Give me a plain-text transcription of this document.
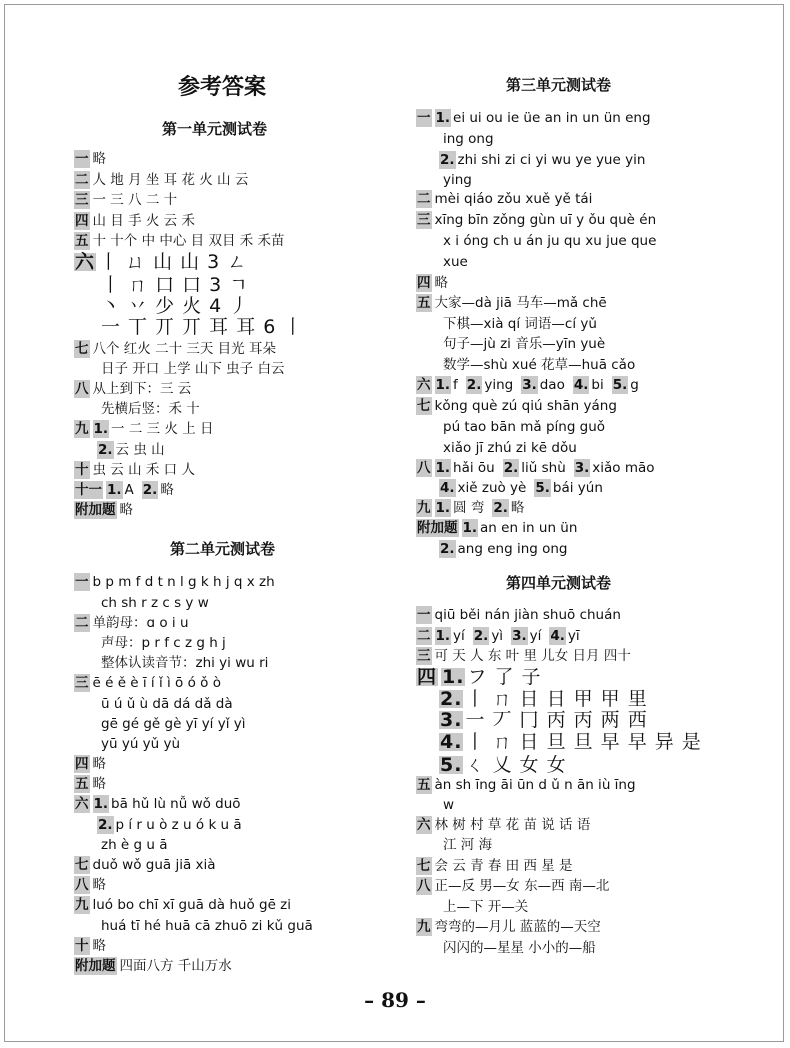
参考答案
第一单元测试卷
第二单元测试卷
第三单元测试卷
第四单元测试卷
一 略
二 人 地 月 坐 耳 花 火 山 云
三 一 三 八 二 十
四 山 目 手 火 云 禾
五 十 十个 中 中心 目 双目 禾 禾苗
六 丨 ㄩ 山 山 3 ㄥ
丨 ㄇ 口 口 3 ㄱ
丶 丷 少 火 4 丿
一 丅 丌 丌 耳 耳 6 丨
七 八个 红火 二十 三天 目光 耳朵
日子 开口 上学 山下 虫子 白云
八 从上到下：三 云
先横后竖：禾 十
九 1. 一 二 三 火 上 日
2. 云 虫 山
十 虫 云 山 禾 口 人
十一 1. A 2. 略
附加题 略
一 b p m f d t n l g k h j q x zh
ch sh r z c s y w
二 单韵母：ɑ o i u
声母：p r f c z g h j
整体认读音节：zhi yi wu ri
三 ē é ě è ī í ǐ ì ō ó ǒ ò
ū ú ǔ ù dā dá dǎ dà
gē gé gě gè yī yí yǐ yì
yū yú yǔ yù
四 略
五 略
六 1. bā hǔ lù nǚ wǒ duō
2. p í r u ò z u ó k u ā
zh è g u ā
七 duǒ wǒ guā jiā xià
八 略
九 luó bo chī xī guā dà huǒ gē zi
huá tī hé huā cā zhuō zi kǔ guā
十 略
附加题 四面八方 千山万水
一 1. ei ui ou ie üe an in un ün eng
ing ong
2. zhi shi zi ci yi wu ye yue yin
ying
二 mèi qiáo zǒu xuě yě tái
三 xīng bīn zǒng gùn uī y ǒu què én
x i óng ch u án ju qu xu jue que
xue
四 略
五 大家—dà jiā 马车—mǎ chē
下棋—xià qí 词语—cí yǔ
句子—jù zi 音乐—yīn yuè
数学—shù xué 花草—huā cǎo
六 1. f 2. ying 3. dao 4. bi 5. g
七 kǒng què zú qiú shān yáng
pú tao bān mǎ píng guǒ
xiǎo jī zhú zi kē dǒu
八 1. hǎi ōu 2. liǔ shù 3. xiǎo māo
4. xiě zuò yè 5. bái yún
九 1. 圆 弯 2. 略
附加题 1. an en in un ün
2. ang eng ing ong
一 qiū běi nán jiàn shuō chuán
二 1. yí 2. yì 3. yí 4. yī
三 可 天 人 东 叶 里 儿女 日月 四十
四 1. フ 了 子
2. 丨 ㄇ 日 日 甲 甲 里
3. 一 丆 冂 丙 丙 两 西
4. 丨 ㄇ 日 旦 旦 早 早 异 是
5. ㄑ 乂 女 女
五 àn sh īng āi ūn d ǔ n ān iù īng
w
六 林 树 村 草 花 苗 说 话 语
江 河 海
七 会 云 青 春 田 西 星 是
八 正—反 男—女 东—西 南—北
上—下 开—关
九 弯弯的—月儿 蓝蓝的—天空
闪闪的—星星 小小的—船
– 89 –
